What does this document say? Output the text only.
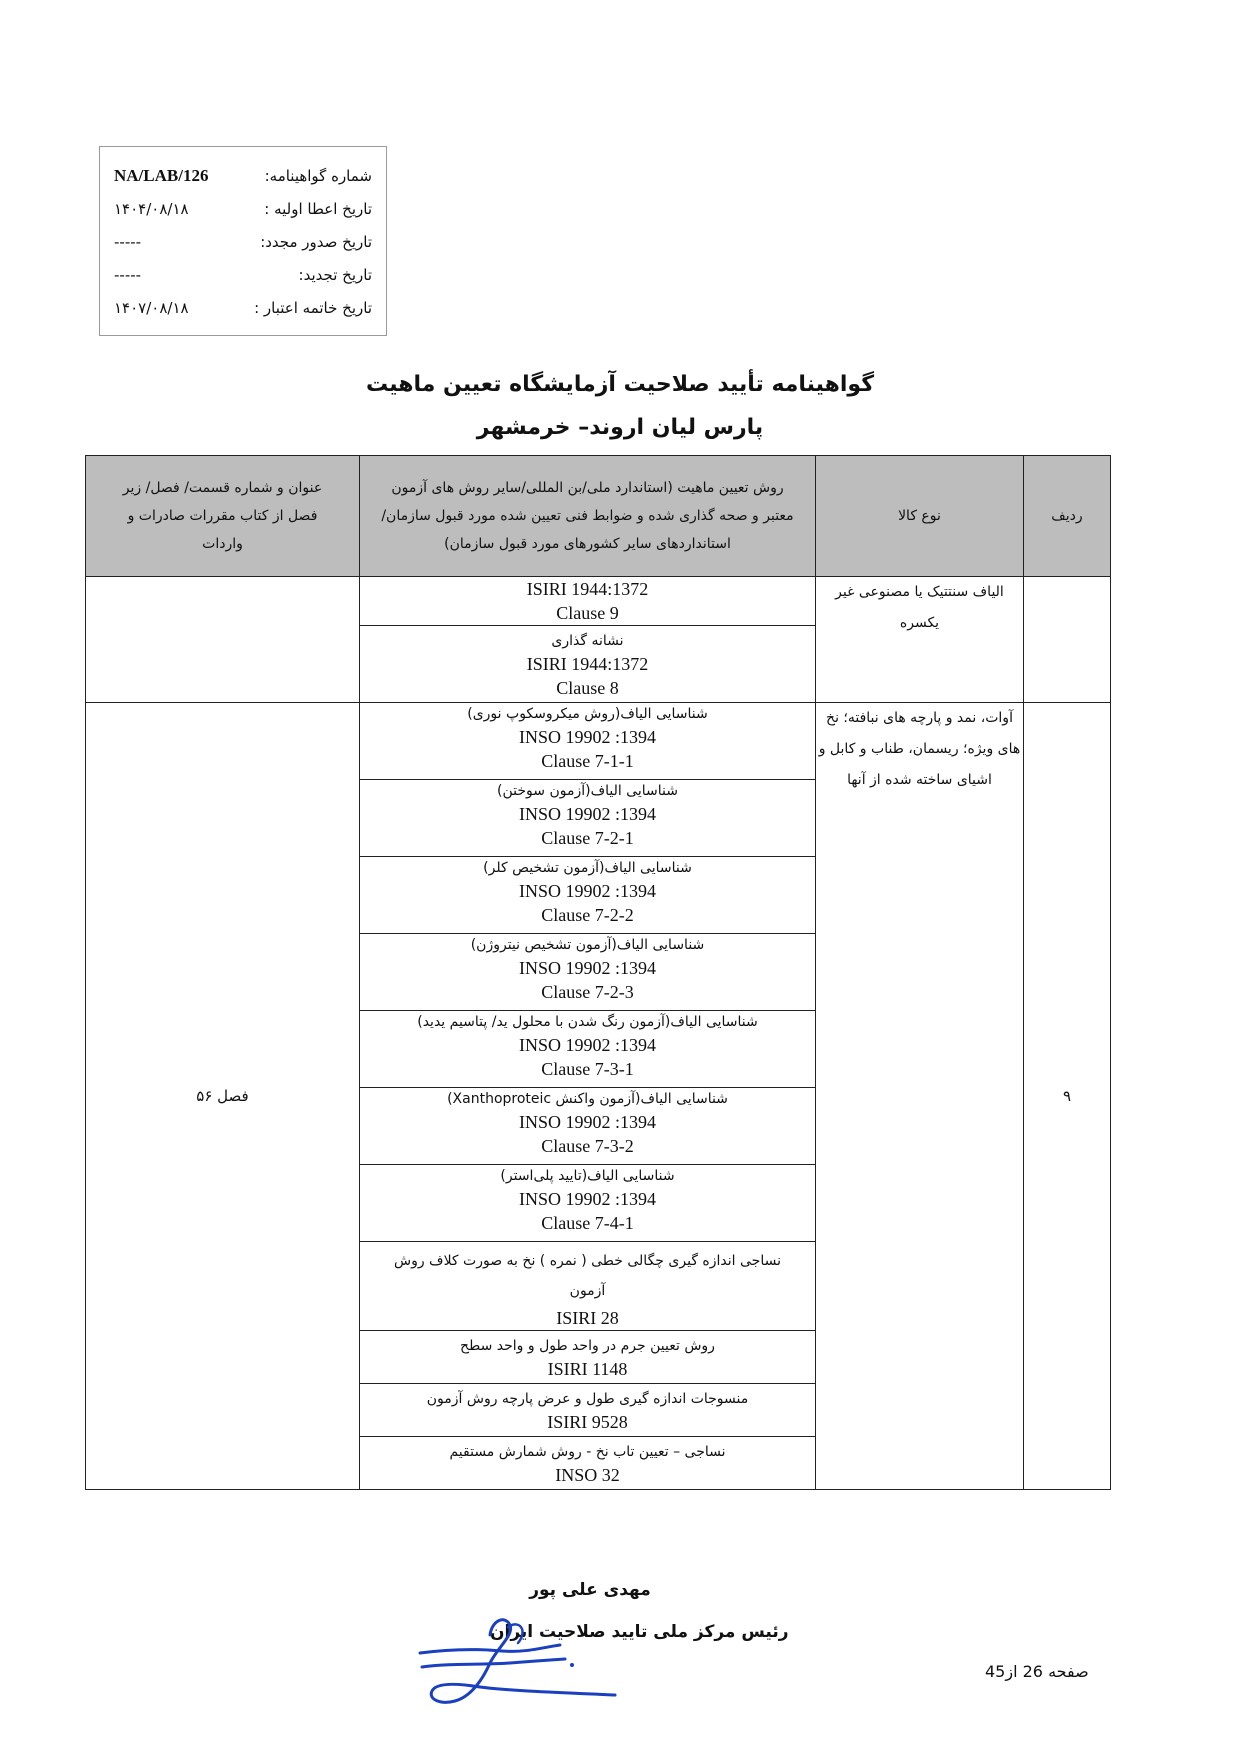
شماره گواهینامه:
NA/LAB/126
تاریخ اعطا اولیه :
۱۴۰۴/۰۸/۱۸
تاریخ صدور مجدد:
-----
تاریخ تجدید:
-----
تاریخ خاتمه اعتبار :
۱۴۰۷/۰۸/۱۸
گواهینامه تأیید صلاحیت آزمایشگاه تعیین ماهیت
پارس لیان اروند– خرمشهر
ردیف	نوع کالا	روش تعیین ماهیت (استاندارد ملی/بن المللی/سایر روش های آزمون معتبر و صحه گذاری شده و ضوابط فنی تعیین شده مورد قبول سازمان/استانداردهای سایر کشورهای مورد قبول سازمان)	عنوان و شماره قسمت/ فصل/ زیر فصل از کتاب مقررات صادرات و واردات
	الیاف سنتتیک یا مصنوعی غیر یکسره	ISIRI 1944:1372
Clause 9	

		نشانه گذاری
ISIRI 1944:1372
Clause 8	

۹	آوات، نمد و پارچه های نبافته؛ نخ های ویژه؛ ریسمان، طناب و کابل و اشیای ساخته شده از آنها	شناسایی الیاف(روش میکروسکوپ نوری)
INSO 19902 :1394
Clause 7-1-1	فصل ۵۶

		شناسایی الیاف(آزمون سوختن)
INSO 19902 :1394
Clause 7-2-1	

		شناسایی الیاف(آزمون تشخیص کلر)
INSO 19902 :1394
Clause 7-2-2	

		شناسایی الیاف(آزمون تشخیص نیتروژن)
INSO 19902 :1394
Clause 7-2-3	

		شناسایی الیاف(آزمون رنگ شدن با محلول ید/ پتاسیم یدید)
INSO 19902 :1394
Clause 7-3-1	

		شناسایی الیاف(آزمون واکنش Xanthoproteic)
INSO 19902 :1394
Clause 7-3-2	

		شناسایی الیاف(تایید پلی‌استر)
INSO 19902 :1394
Clause 7-4-1	

		نساجی اندازه گیری چگالی خطی ( نمره ) نخ به صورت کلاف روش آزمون
ISIRI 28	

		روش تعیین جرم در واحد طول و واحد سطح
ISIRI 1148	

		منسوجات اندازه گیری طول و عرض پارچه روش آزمون
ISIRI 9528	

		نساجی – تعیین تاب نخ - روش شمارش مستقیم
INSO 32	
مهدی علی پور
رئیس مرکز ملی تایید صلاحیت ایران
صفحه 26 از45
